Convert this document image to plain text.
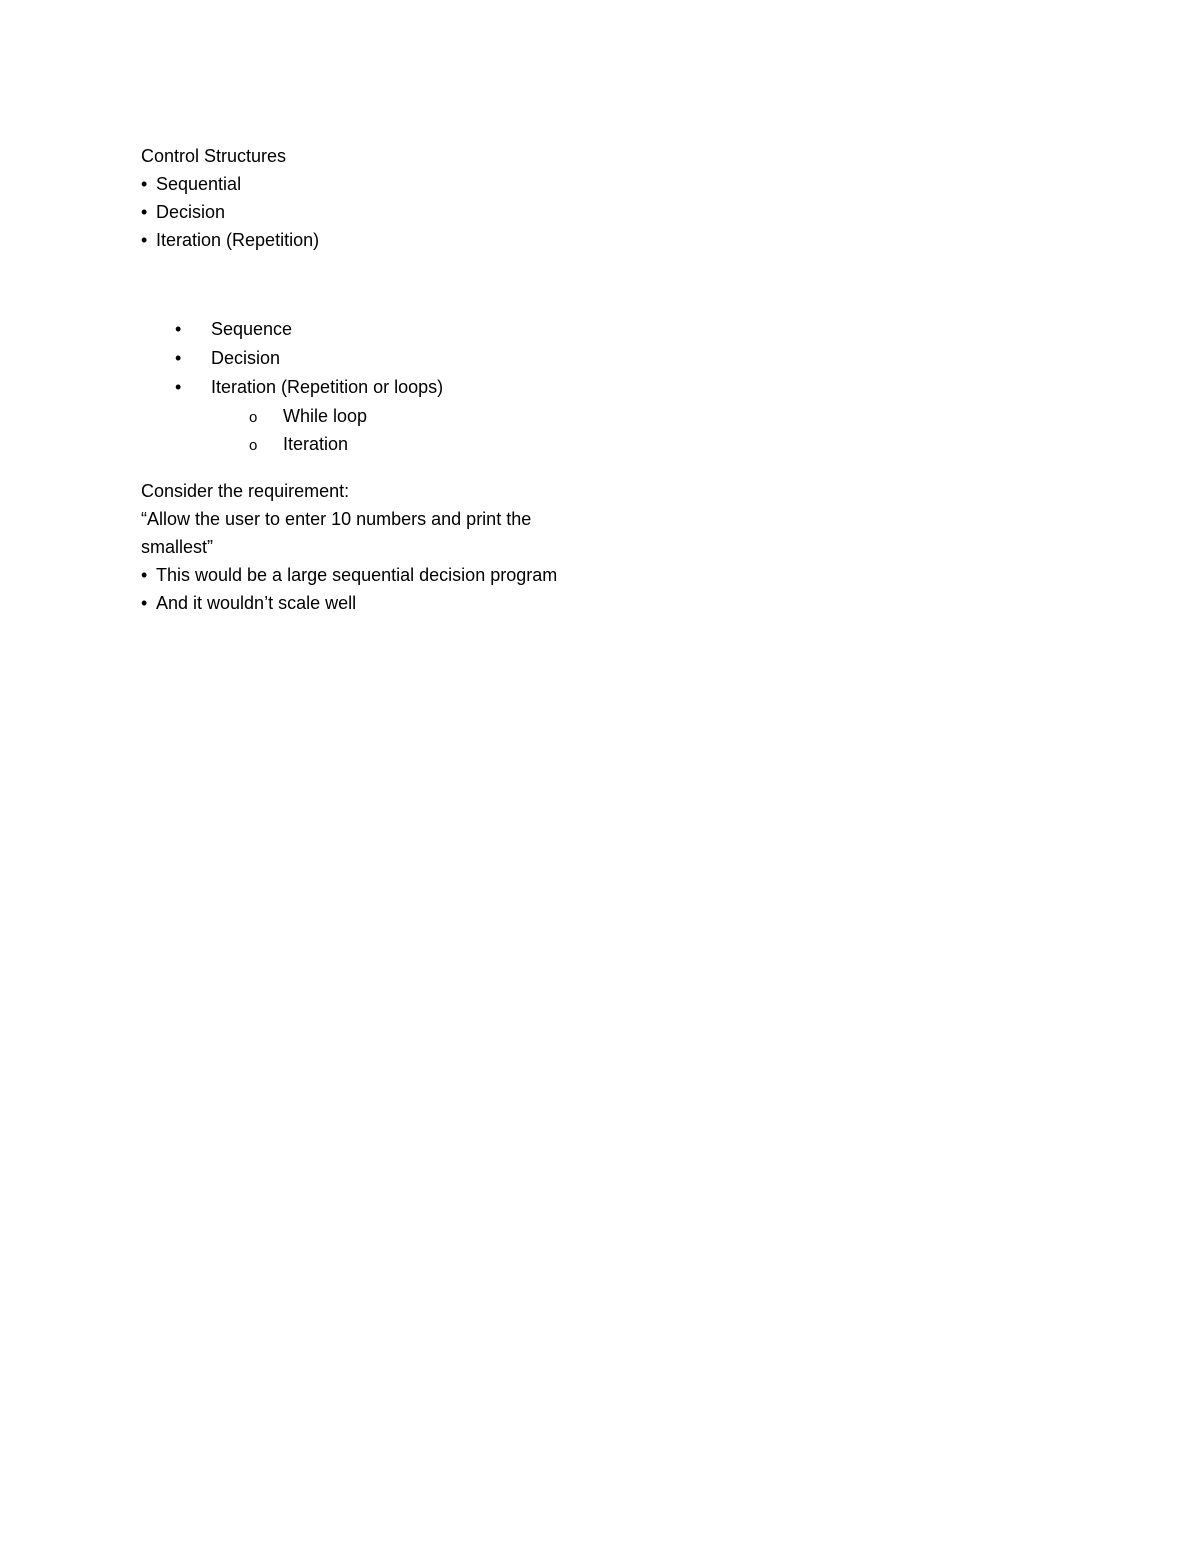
Control Structures
• Sequential
• Decision
• Iteration (Repetition)
• Sequence
• Decision
• Iteration (Repetition or loops)
o While loop
o Iteration
Consider the requirement:
“Allow the user to enter 10 numbers and print the
smallest”
• This would be a large sequential decision program
• And it wouldn’t scale well
